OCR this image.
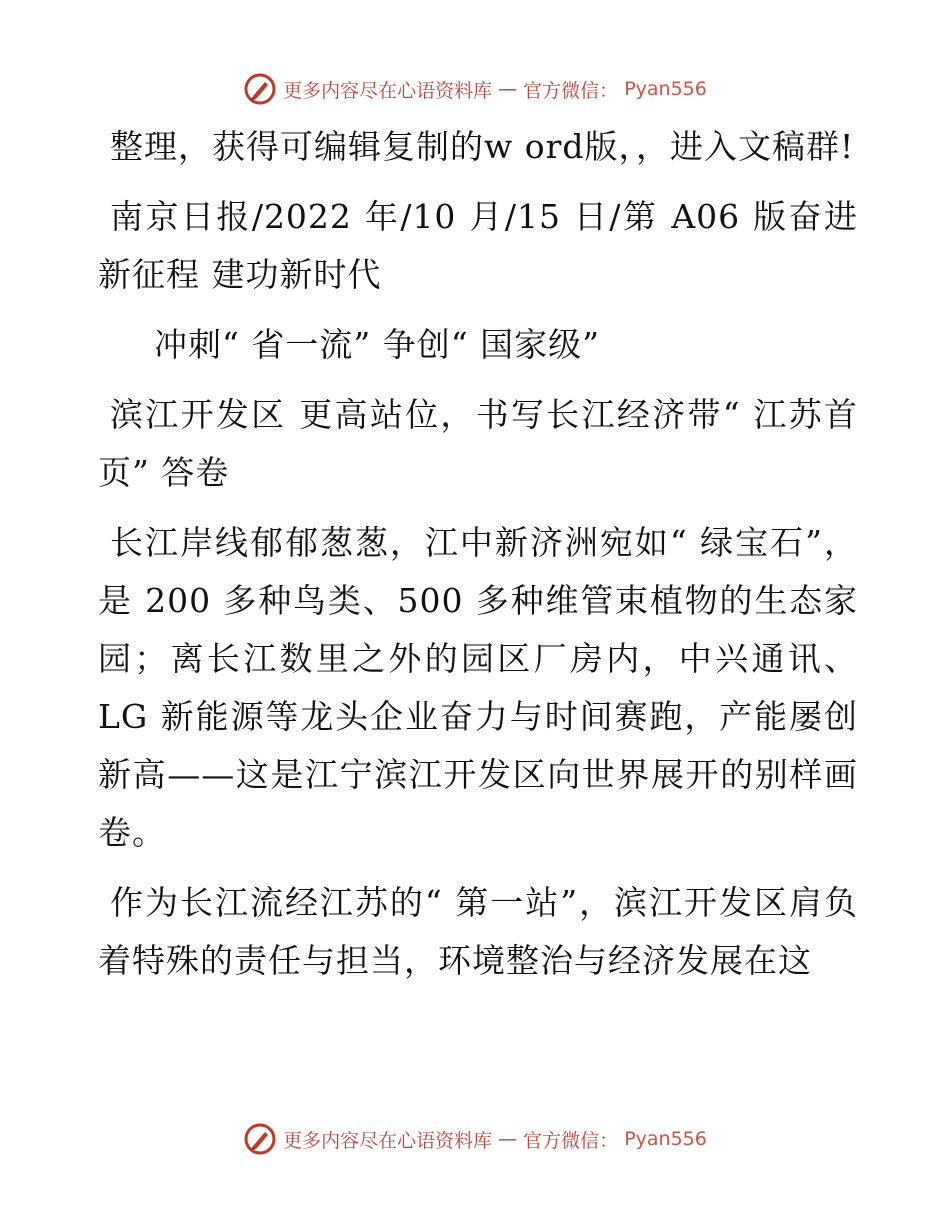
更多内容尽在心语资料库 — 官方微信： Pyan556

整理，获得可编辑复制的w ord版，，进入文稿群!

南京日报/2022 年/10 月/15 日/第 A06 版奋进新征程 建功新时代

冲刺“ 省一流” 争创“ 国家级”

滨江开发区 更高站位，书写长江经济带“ 江苏首页” 答卷

长江岸线郁郁葱葱，江中新济洲宛如“ 绿宝石”，是 200 多种鸟类、500 多种维管束植物的生态家园；离长江数里之外的园区厂房内，中兴通讯、LG 新能源等龙头企业奋力与时间赛跑，产能屡创新高——这是江宁滨江开发区向世界展开的别样画卷。

作为长江流经江苏的“ 第一站”，滨江开发区肩负着特殊的责任与担当，环境整治与经济发展在这

更多内容尽在心语资料库 — 官方微信： Pyan556
